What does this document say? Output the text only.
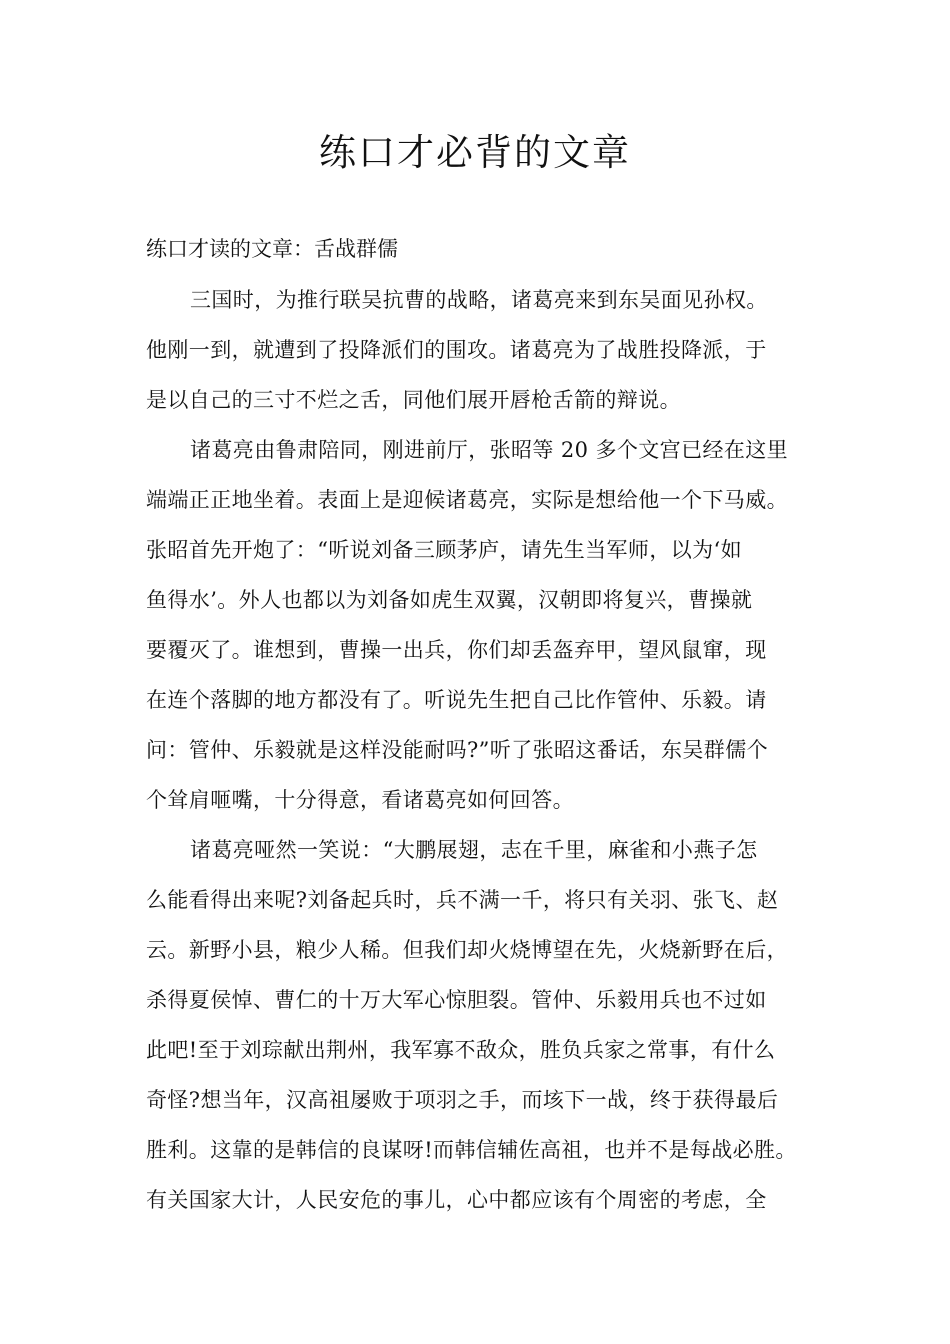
练口才必背的文章
练口才读的文章：舌战群儒
三国时，为推行联吴抗曹的战略，诸葛亮来到东吴面见孙权。
他刚一到，就遭到了投降派们的围攻。诸葛亮为了战胜投降派，于
是以自己的三寸不烂之舌，同他们展开唇枪舌箭的辩说。
诸葛亮由鲁肃陪同，刚进前厅，张昭等 20 多个文宫已经在这里
端端正正地坐着。表面上是迎候诸葛亮，实际是想给他一个下马威。
张昭首先开炮了：“听说刘备三顾茅庐，请先生当军师，以为‘如
鱼得水’。外人也都以为刘备如虎生双翼，汉朝即将复兴，曹操就
要覆灭了。谁想到，曹操一出兵，你们却丢盔弃甲，望风鼠窜，现
在连个落脚的地方都没有了。听说先生把自己比作管仲、乐毅。请
问：管仲、乐毅就是这样没能耐吗?”听了张昭这番话，东吴群儒个
个耸肩咂嘴，十分得意，看诸葛亮如何回答。
诸葛亮哑然一笑说：“大鹏展翅，志在千里，麻雀和小燕子怎
么能看得出来呢?刘备起兵时，兵不满一千，将只有关羽、张飞、赵
云。新野小县，粮少人稀。但我们却火烧博望在先，火烧新野在后，
杀得夏侯悼、曹仁的十万大军心惊胆裂。管仲、乐毅用兵也不过如
此吧!至于刘琮献出荆州，我军寡不敌众，胜负兵家之常事，有什么
奇怪?想当年，汉高祖屡败于项羽之手，而垓下一战，终于获得最后
胜利。这靠的是韩信的良谋呀!而韩信辅佐高祖，也并不是每战必胜。
有关国家大计，人民安危的事儿，心中都应该有个周密的考虑，全
